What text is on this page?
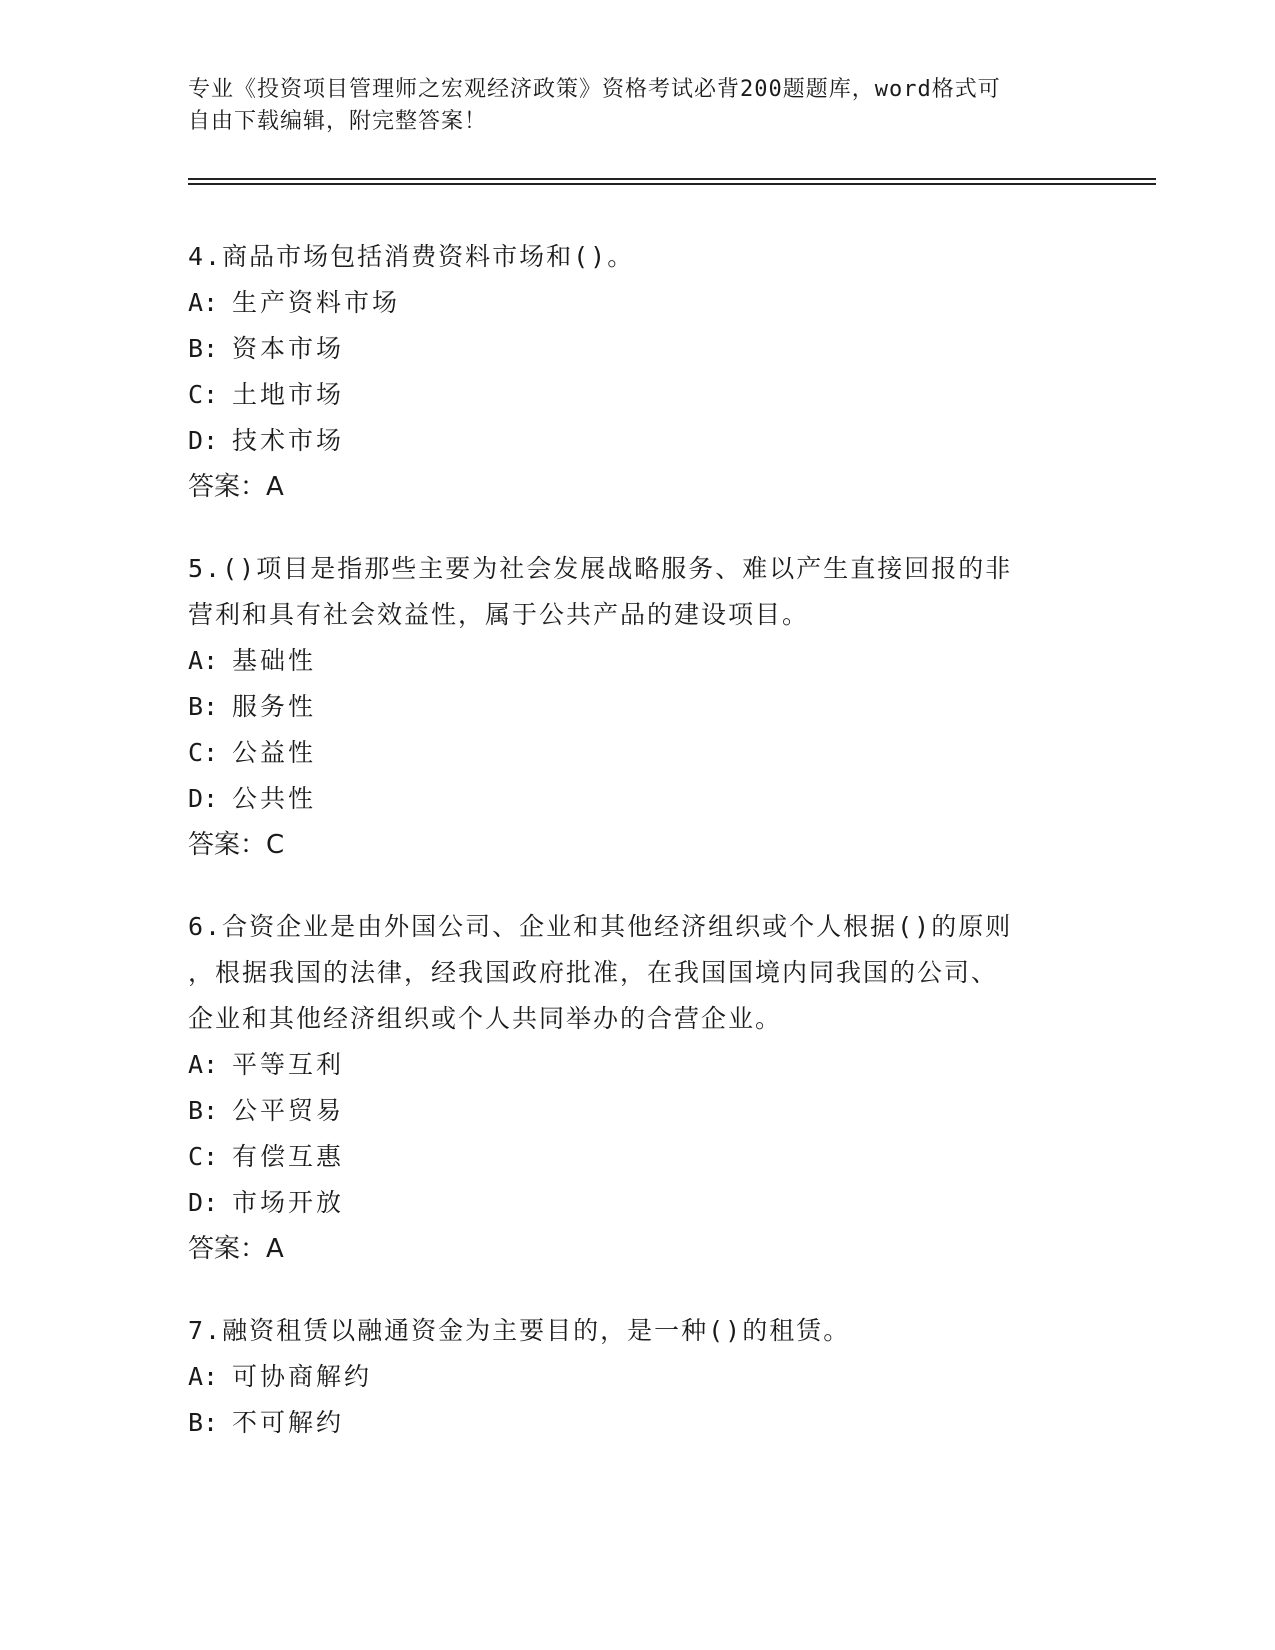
专业《投资项目管理师之宏观经济政策》资格考试必背200题题库，word格式可
自由下载编辑，附完整答案！
4.商品市场包括消费资料市场和()。
A: 生产资料市场
B: 资本市场
C: 土地市场
D: 技术市场
答案：A
5.()项目是指那些主要为社会发展战略服务、难以产生直接回报的非
营利和具有社会效益性，属于公共产品的建设项目。
A: 基础性
B: 服务性
C: 公益性
D: 公共性
答案：C
6.合资企业是由外国公司、企业和其他经济组织或个人根据()的原则
，根据我国的法律，经我国政府批准，在我国国境内同我国的公司、
企业和其他经济组织或个人共同举办的合营企业。
A: 平等互利
B: 公平贸易
C: 有偿互惠
D: 市场开放
答案：A
7.融资租赁以融通资金为主要目的，是一种()的租赁。
A: 可协商解约
B: 不可解约
